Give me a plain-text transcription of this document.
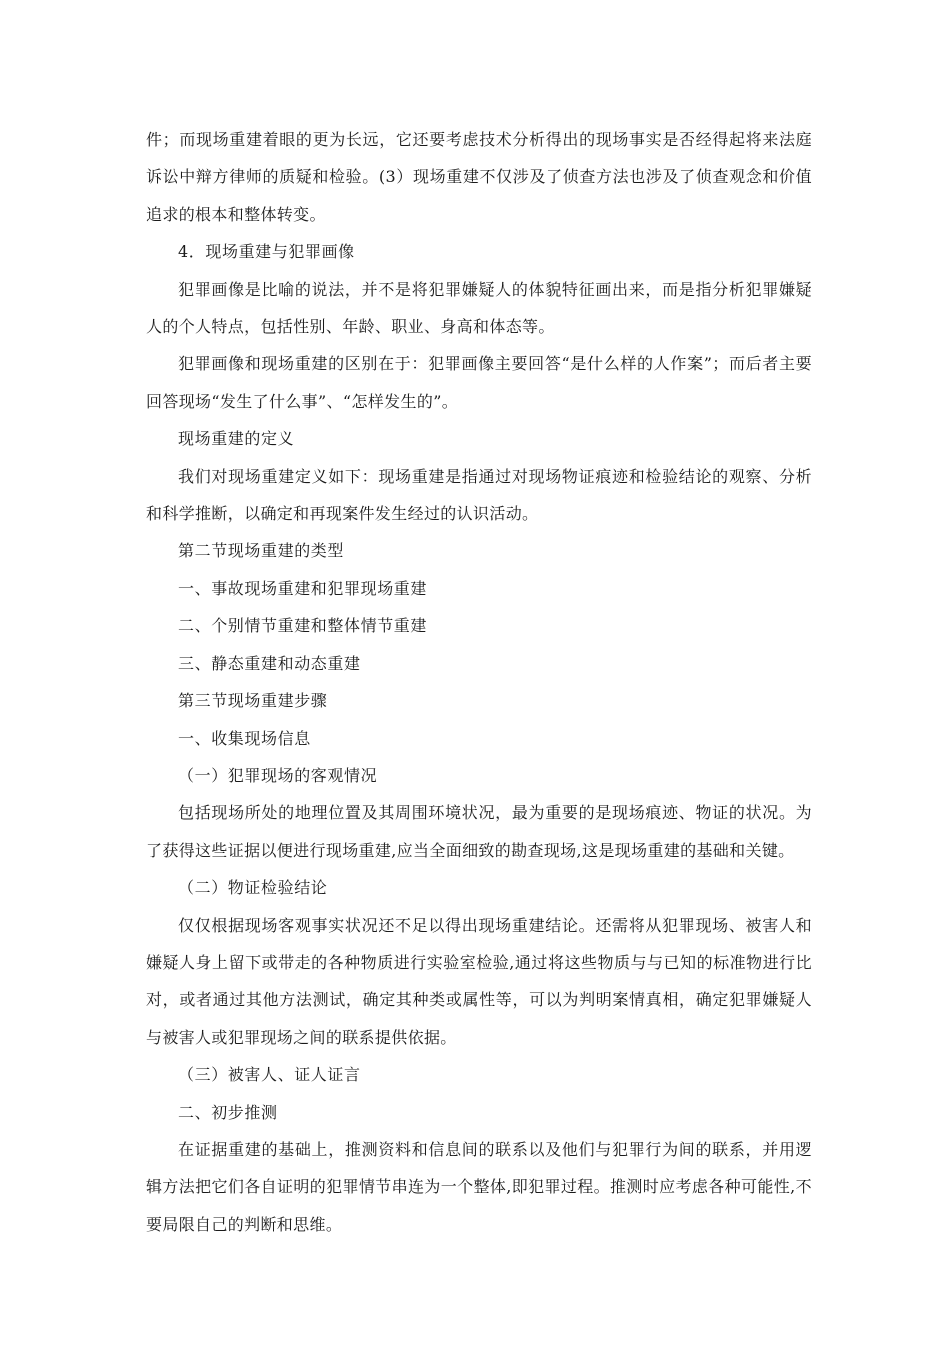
件；而现场重建着眼的更为长远，它还要考虑技术分析得出的现场事实是否经得起将来法庭诉讼中辩方律师的质疑和检验。(3）现场重建不仅涉及了侦查方法也涉及了侦查观念和价值追求的根本和整体转变。

4．现场重建与犯罪画像

犯罪画像是比喻的说法，并不是将犯罪嫌疑人的体貌特征画出来，而是指分析犯罪嫌疑人的个人特点，包括性别、年龄、职业、身高和体态等。

犯罪画像和现场重建的区别在于：犯罪画像主要回答“是什么样的人作案”；而后者主要回答现场“发生了什么事”、“怎样发生的”。

现场重建的定义

我们对现场重建定义如下：现场重建是指通过对现场物证痕迹和检验结论的观察、分析和科学推断，以确定和再现案件发生经过的认识活动。

第二节现场重建的类型

一、事故现场重建和犯罪现场重建

二、个别情节重建和整体情节重建

三、静态重建和动态重建

第三节现场重建步骤

一、收集现场信息

（一）犯罪现场的客观情况

包括现场所处的地理位置及其周围环境状况，最为重要的是现场痕迹、物证的状况。为了获得这些证据以便进行现场重建,应当全面细致的勘查现场,这是现场重建的基础和关键。

（二）物证检验结论

仅仅根据现场客观事实状况还不足以得出现场重建结论。还需将从犯罪现场、被害人和嫌疑人身上留下或带走的各种物质进行实验室检验,通过将这些物质与与已知的标准物进行比对，或者通过其他方法测试，确定其种类或属性等，可以为判明案情真相，确定犯罪嫌疑人与被害人或犯罪现场之间的联系提供依据。

（三）被害人、证人证言

二、初步推测

在证据重建的基础上，推测资料和信息间的联系以及他们与犯罪行为间的联系，并用逻辑方法把它们各自证明的犯罪情节串连为一个整体,即犯罪过程。推测时应考虑各种可能性,不要局限自己的判断和思维。
